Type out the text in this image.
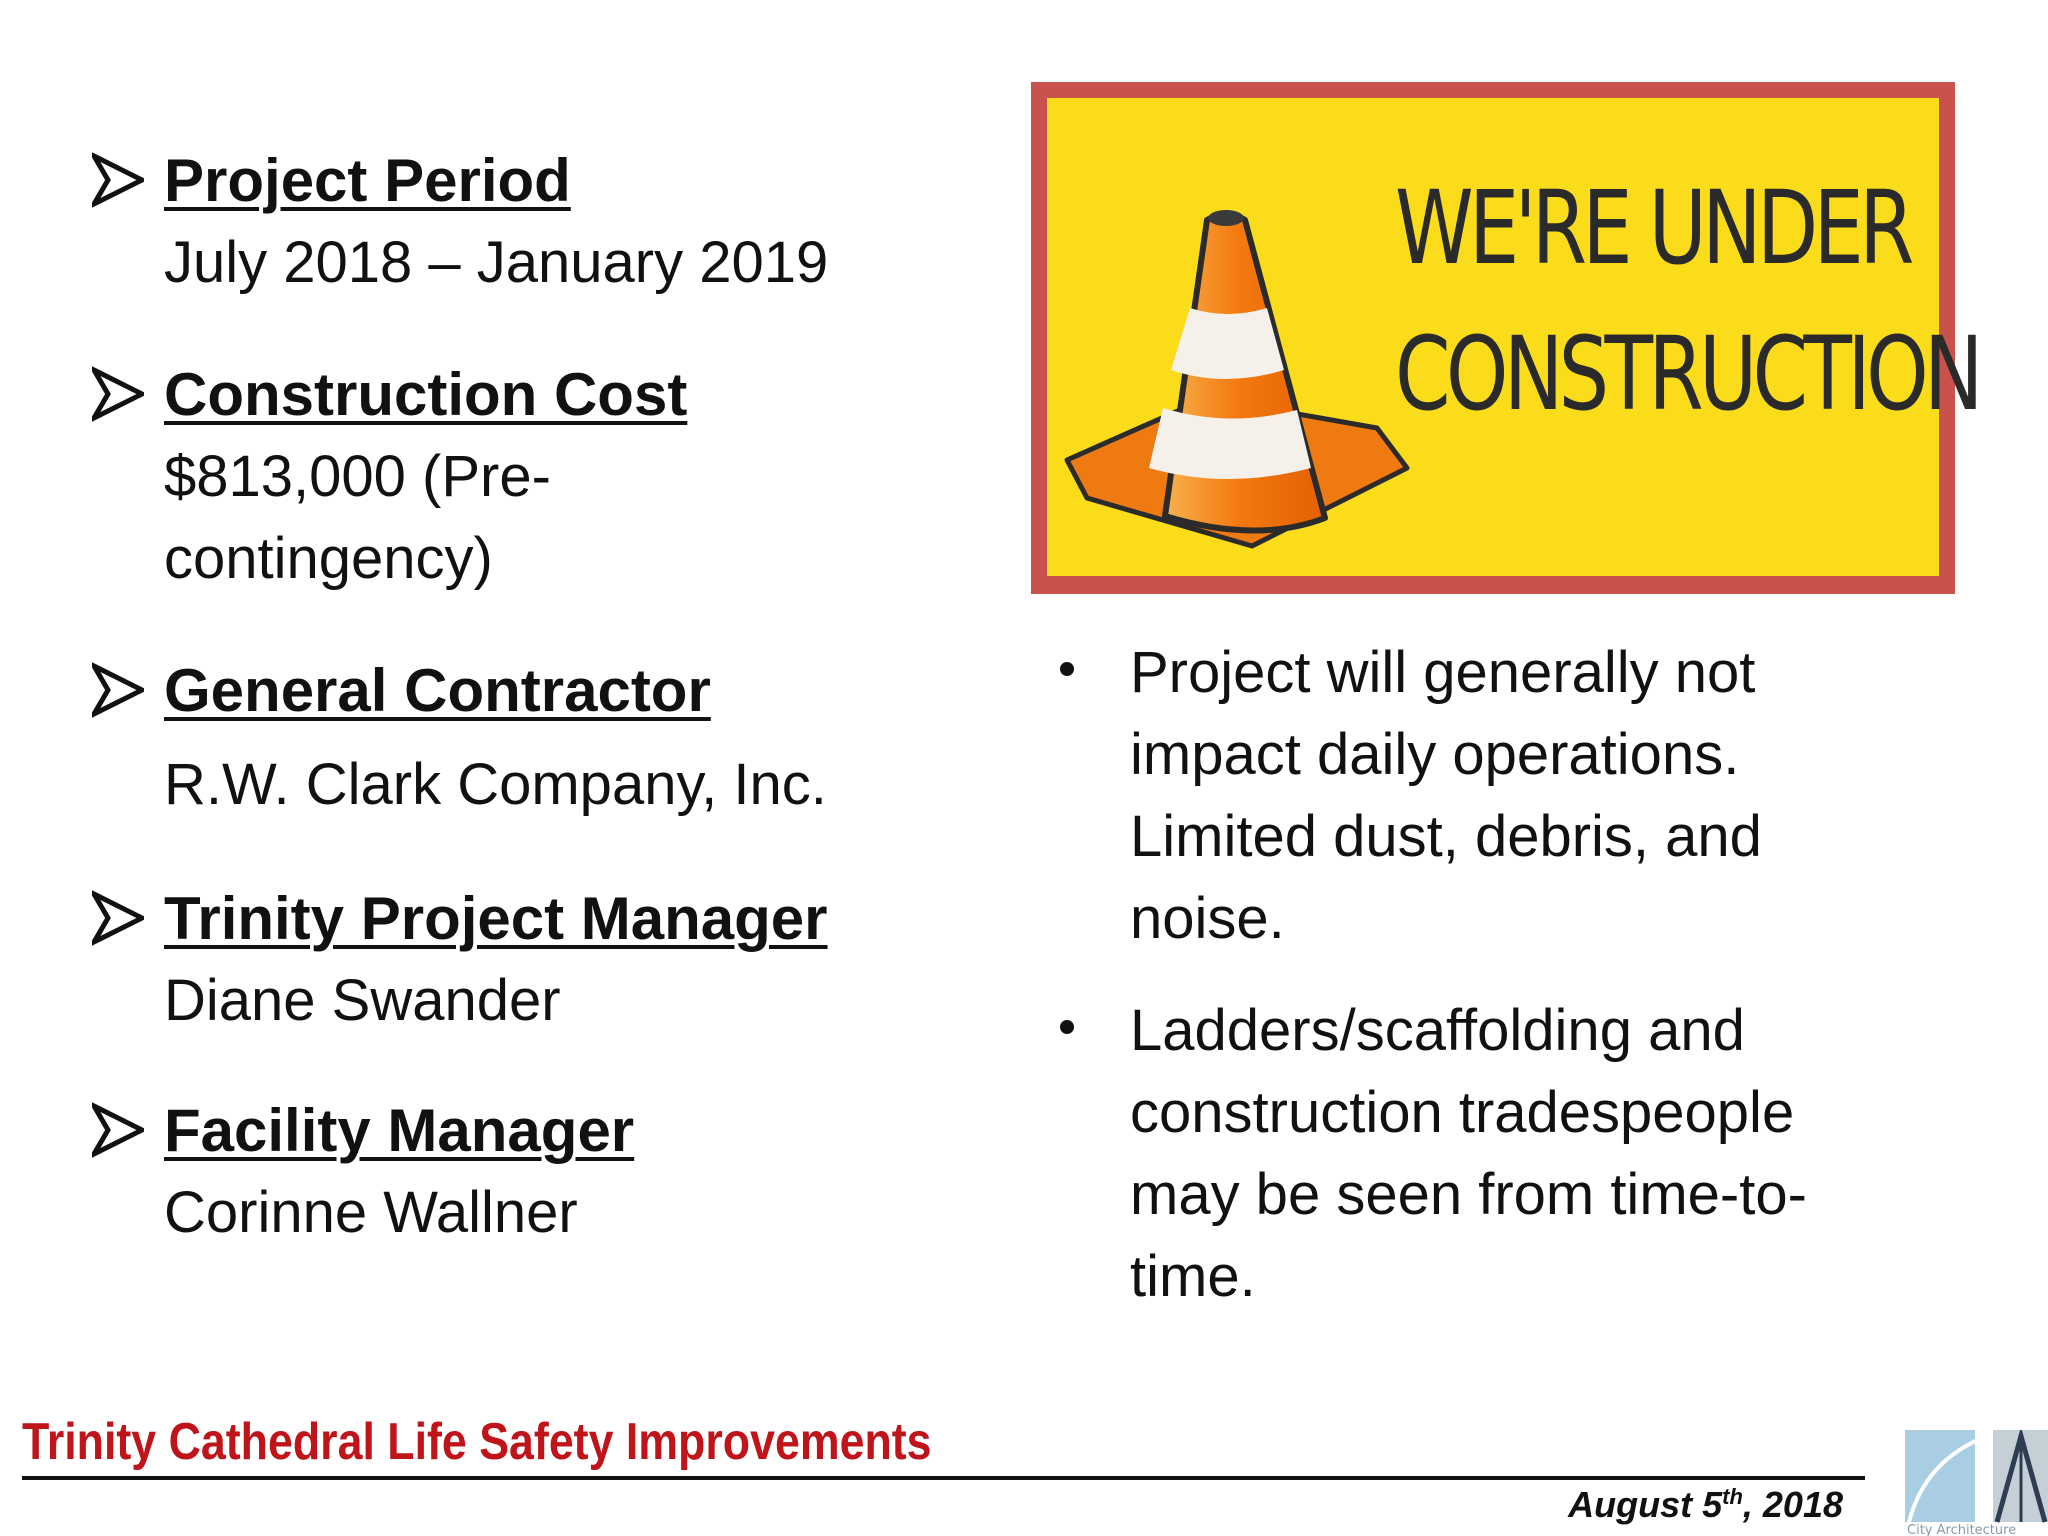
Project Period
July 2018 – January 2019
Construction Cost
$813,000 (Pre-
contingency)
General Contractor
R.W. Clark Company, Inc.
Trinity Project Manager
Diane Swander
Facility Manager
Corinne Wallner
WE'RE UNDER
CONSTRUCTION
Project will generally not
impact daily operations.
Limited dust, debris, and
noise.
Ladders/scaffolding and
construction tradespeople
may be seen from time-to-
time.
Trinity Cathedral Life Safety Improvements
August 5th, 2018
City Architecture
